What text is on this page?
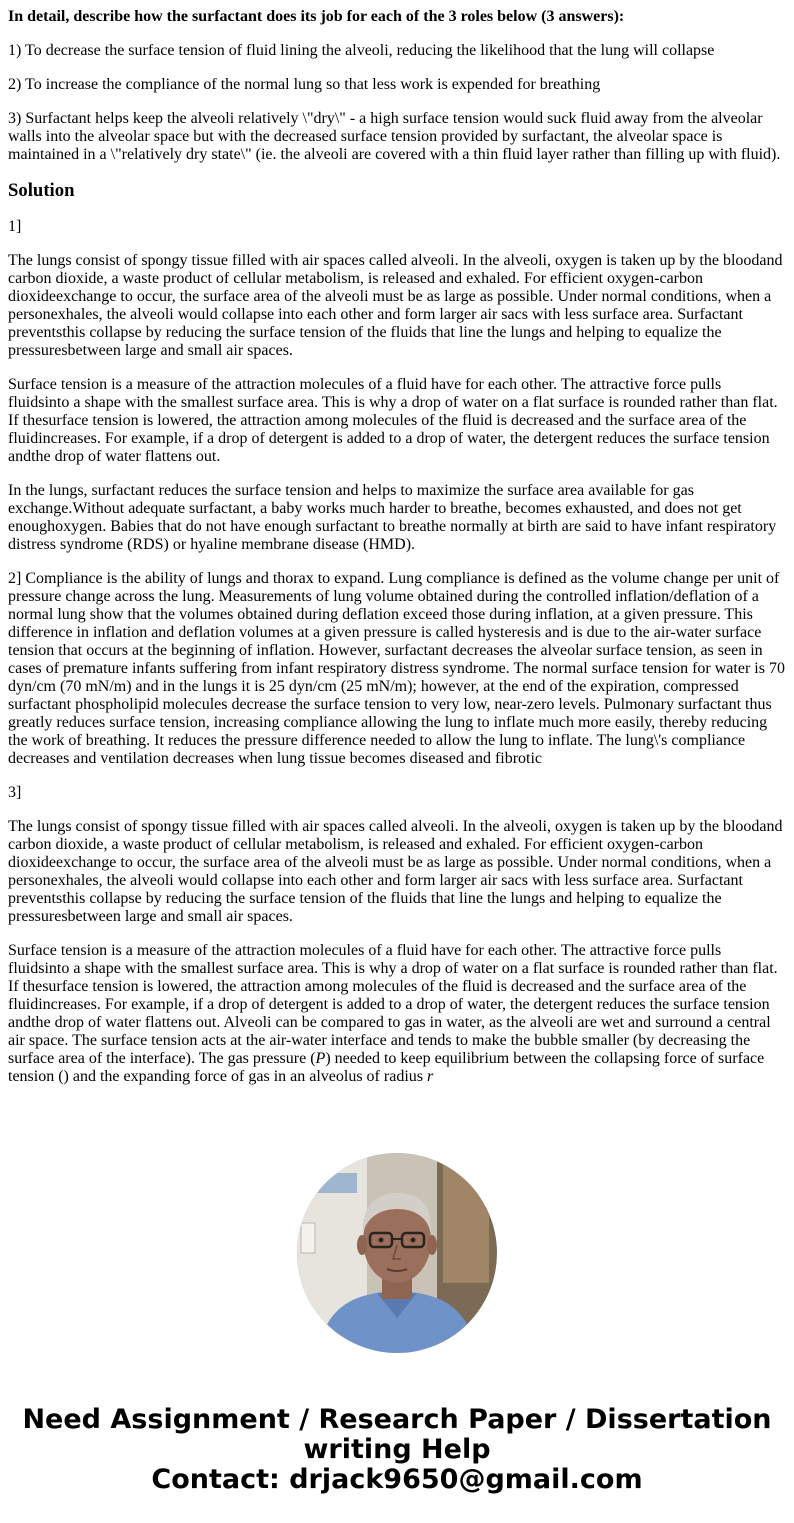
In detail, describe how the surfactant does its job for each of the 3 roles below (3 answers):

1) To decrease the surface tension of fluid lining the alveoli, reducing the likelihood that the lung will collapse

2) To increase the compliance of the normal lung so that less work is expended for breathing

3) Surfactant helps keep the alveoli relatively \"dry\" - a high surface tension would suck fluid away from the alveolar walls into the alveolar space but with the decreased surface tension provided by surfactant, the alveolar space is maintained in a \"relatively dry state\" (ie. the alveoli are covered with a thin fluid layer rather than filling up with fluid).

Solution

1]

The lungs consist of spongy tissue filled with air spaces called alveoli. In the alveoli, oxygen is taken up by the bloodand carbon dioxide, a waste product of cellular metabolism, is released and exhaled. For efficient oxygen-carbon dioxideexchange to occur, the surface area of the alveoli must be as large as possible. Under normal conditions, when a personexhales, the alveoli would collapse into each other and form larger air sacs with less surface area. Surfactant preventsthis collapse by reducing the surface tension of the fluids that line the lungs and helping to equalize the pressuresbetween large and small air spaces.

Surface tension is a measure of the attraction molecules of a fluid have for each other. The attractive force pulls fluidsinto a shape with the smallest surface area. This is why a drop of water on a flat surface is rounded rather than flat. If thesurface tension is lowered, the attraction among molecules of the fluid is decreased and the surface area of the fluidincreases. For example, if a drop of detergent is added to a drop of water, the detergent reduces the surface tension andthe drop of water flattens out.

In the lungs, surfactant reduces the surface tension and helps to maximize the surface area available for gas exchange.Without adequate surfactant, a baby works much harder to breathe, becomes exhausted, and does not get enoughoxygen. Babies that do not have enough surfactant to breathe normally at birth are said to have infant respiratory distress syndrome (RDS) or hyaline membrane disease (HMD).

2] Compliance is the ability of lungs and thorax to expand. Lung compliance is defined as the volume change per unit of pressure change across the lung. Measurements of lung volume obtained during the controlled inflation/deflation of a normal lung show that the volumes obtained during deflation exceed those during inflation, at a given pressure. This difference in inflation and deflation volumes at a given pressure is called hysteresis and is due to the air-water surface tension that occurs at the beginning of inflation. However, surfactant decreases the alveolar surface tension, as seen in cases of premature infants suffering from infant respiratory distress syndrome. The normal surface tension for water is 70 dyn/cm (70 mN/m) and in the lungs it is 25 dyn/cm (25 mN/m); however, at the end of the expiration, compressed surfactant phospholipid molecules decrease the surface tension to very low, near-zero levels. Pulmonary surfactant thus greatly reduces surface tension, increasing compliance allowing the lung to inflate much more easily, thereby reducing the work of breathing. It reduces the pressure difference needed to allow the lung to inflate. The lung\'s compliance decreases and ventilation decreases when lung tissue becomes diseased and fibrotic

3]

The lungs consist of spongy tissue filled with air spaces called alveoli. In the alveoli, oxygen is taken up by the bloodand carbon dioxide, a waste product of cellular metabolism, is released and exhaled. For efficient oxygen-carbon dioxideexchange to occur, the surface area of the alveoli must be as large as possible. Under normal conditions, when a personexhales, the alveoli would collapse into each other and form larger air sacs with less surface area. Surfactant preventsthis collapse by reducing the surface tension of the fluids that line the lungs and helping to equalize the pressuresbetween large and small air spaces.

Surface tension is a measure of the attraction molecules of a fluid have for each other. The attractive force pulls fluidsinto a shape with the smallest surface area. This is why a drop of water on a flat surface is rounded rather than flat. If thesurface tension is lowered, the attraction among molecules of the fluid is decreased and the surface area of the fluidincreases. For example, if a drop of detergent is added to a drop of water, the detergent reduces the surface tension andthe drop of water flattens out. Alveoli can be compared to gas in water, as the alveoli are wet and surround a central air space. The surface tension acts at the air-water interface and tends to make the bubble smaller (by decreasing the surface area of the interface). The gas pressure (P) needed to keep equilibrium between the collapsing force of surface tension () and the expanding force of gas in an alveolus of radius r

Need Assignment / Research Paper / Dissertation
writing Help
Contact: drjack9650@gmail.com
